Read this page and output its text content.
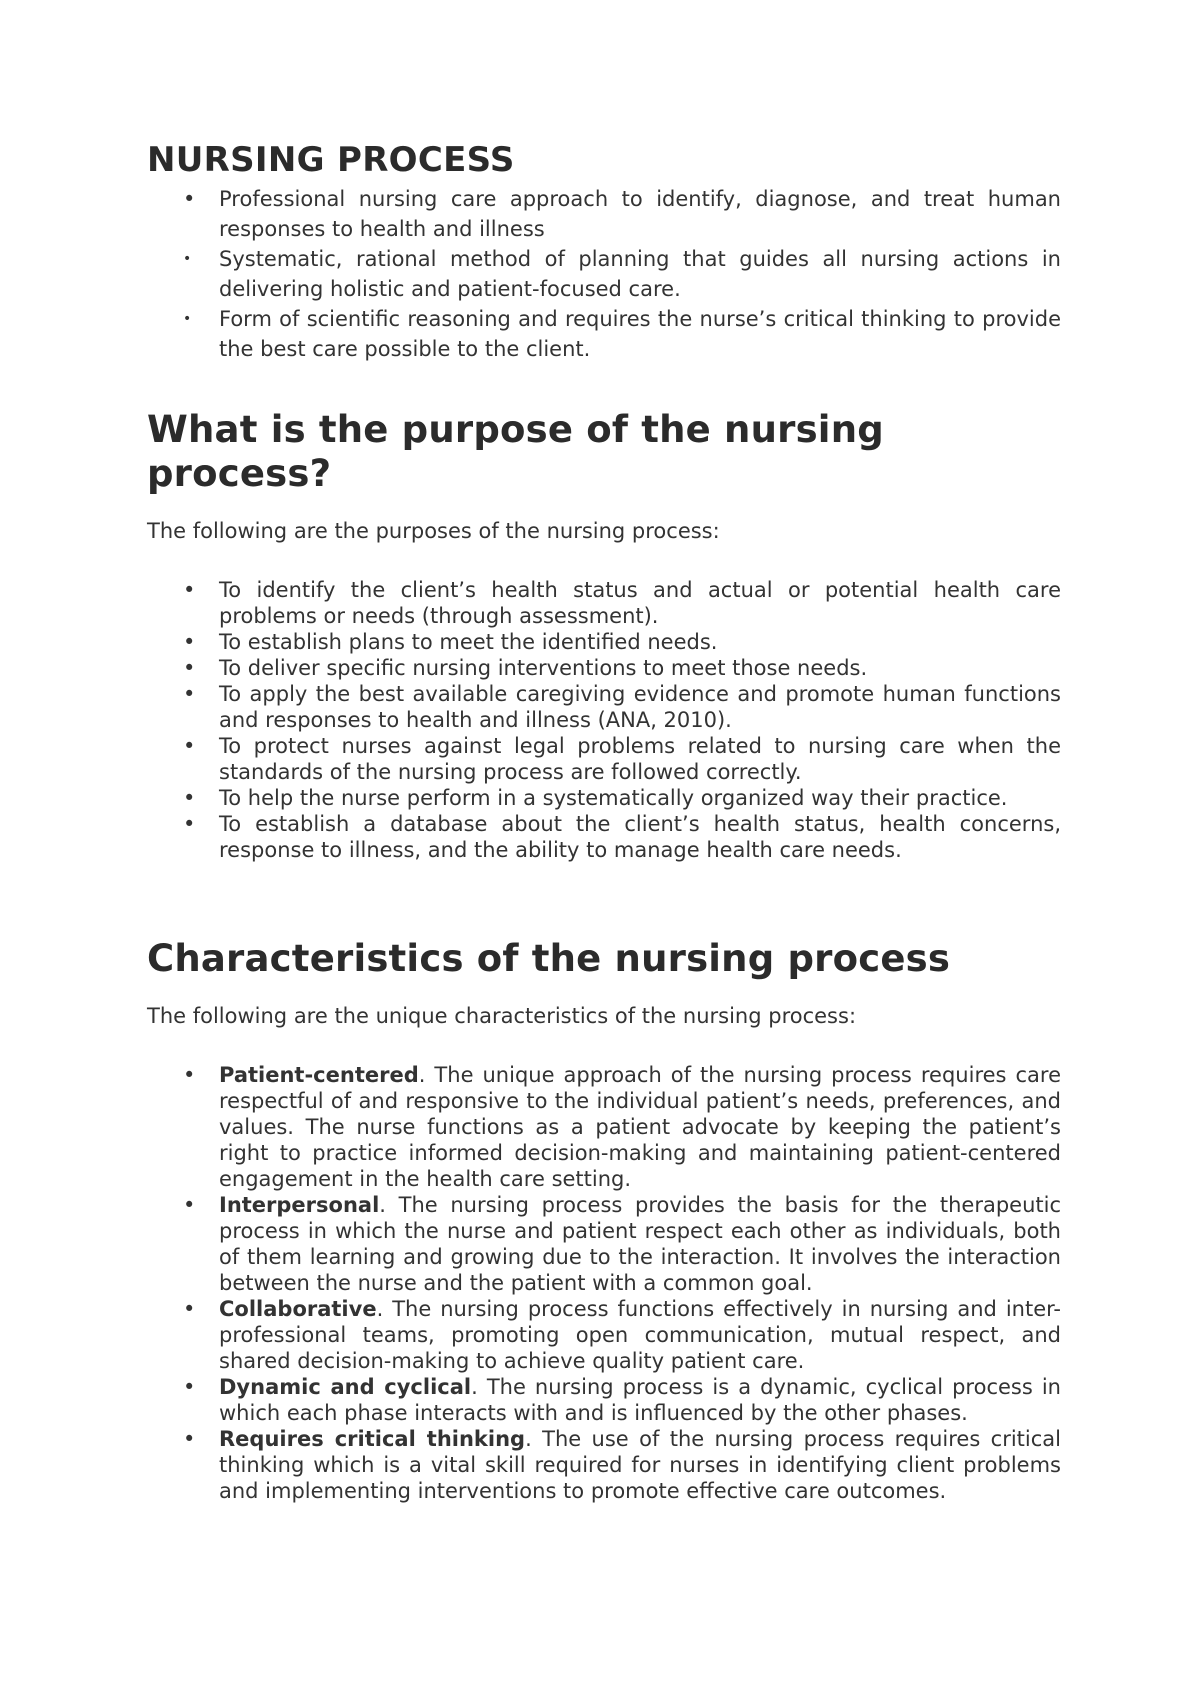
NURSING PROCESS
•	Professional nursing care approach to identify, diagnose, and treat human responses to health and illness
•	Systematic, rational method of planning that guides all nursing actions in delivering holistic and patient-focused care.
•	Form of scientific reasoning and requires the nurse’s critical thinking to provide the best care possible to the client.
What is the purpose of the nursing process?

The following are the purposes of the nursing process:

•	To identify the client’s health status and actual or potential health care problems or needs (through assessment).
•	To establish plans to meet the identified needs.
•	To deliver specific nursing interventions to meet those needs.
•	To apply the best available caregiving evidence and promote human functions and responses to health and illness (ANA, 2010).
•	To protect nurses against legal problems related to nursing care when the standards of the nursing process are followed correctly.
•	To help the nurse perform in a systematically organized way their practice.
•	To establish a database about the client’s health status, health concerns, response to illness, and the ability to manage health care needs.
Characteristics of the nursing process

The following are the unique characteristics of the nursing process:

•	Patient-centered. The unique approach of the nursing process requires care respectful of and responsive to the individual patient’s needs, preferences, and values. The nurse functions as a patient advocate by keeping the patient’s right to practice informed decision-making and maintaining patient-centered engagement in the health care setting.
•	Interpersonal. The nursing process provides the basis for the therapeutic process in which the nurse and patient respect each other as individuals, both of them learning and growing due to the interaction. It involves the interaction between the nurse and the patient with a common goal.
•	Collaborative. The nursing process functions effectively in nursing and inter-professional teams, promoting open communication, mutual respect, and shared decision-making to achieve quality patient care.
•	Dynamic and cyclical. The nursing process is a dynamic, cyclical process in which each phase interacts with and is influenced by the other phases.
•	Requires critical thinking. The use of the nursing process requires critical thinking which is a vital skill required for nurses in identifying client problems and implementing interventions to promote effective care outcomes.
